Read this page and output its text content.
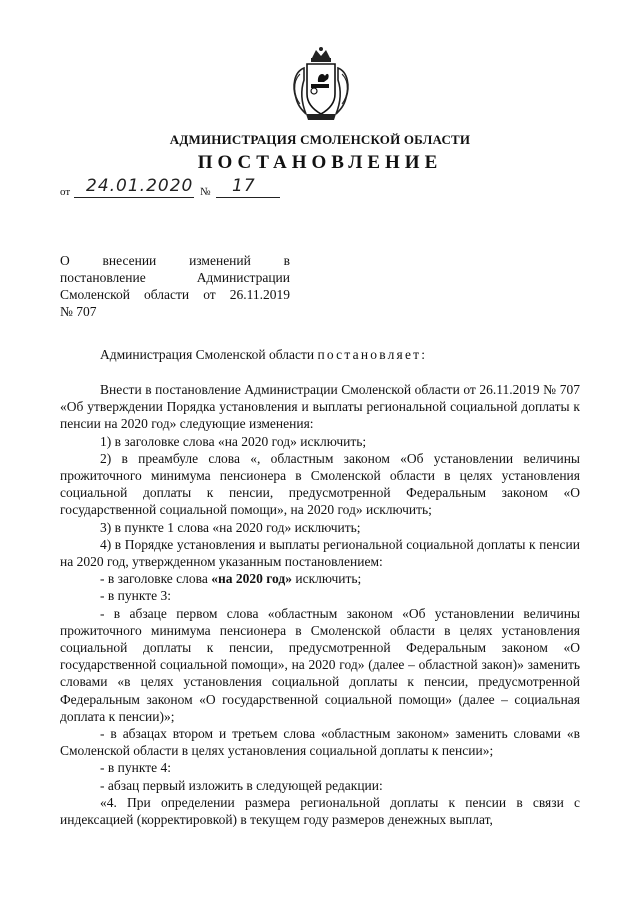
АДМИНИСТРАЦИЯ СМОЛЕНСКОЙ ОБЛАСТИ
ПОСТАНОВЛЕНИЕ
от 24.01.2020 № 17
О внесении изменений в
постановление	Администрации
Смоленской области от 26.11.2019
№ 707
Администрация Смоленской области постановляет:

Внести в постановление Администрации Смоленской области от 26.11.2019 № 707 «Об утверждении Порядка установления и выплаты региональной социальной доплаты к пенсии на 2020 год» следующие изменения:

1) в заголовке слова «на 2020 год» исключить;

2) в преамбуле слова «, областным законом «Об установлении величины прожиточного минимума пенсионера в Смоленской области в целях установления социальной доплаты к пенсии, предусмотренной Федеральным законом «О государственной социальной помощи», на 2020 год» исключить;

3) в пункте 1 слова «на 2020 год» исключить;

4) в Порядке установления и выплаты региональной социальной доплаты к пенсии на 2020 год, утвержденном указанным постановлением:

- в заголовке слова «на 2020 год» исключить;

- в пункте 3:

- в абзаце первом слова «областным законом «Об установлении величины прожиточного минимума пенсионера в Смоленской области в целях установления социальной доплаты к пенсии, предусмотренной Федеральным законом «О государственной социальной помощи», на 2020 год» (далее – областной закон)» заменить словами «в целях установления социальной доплаты к пенсии, предусмотренной Федеральным законом «О государственной социальной помощи» (далее – социальная доплата к пенсии)»;

- в абзацах втором и третьем слова «областным законом» заменить словами «в Смоленской области в целях установления социальной доплаты к пенсии»;

- в пункте 4:

- абзац первый изложить в следующей редакции:

«4. При определении размера региональной доплаты к пенсии в связи с индексацией (корректировкой) в текущем году размеров денежных выплат,
